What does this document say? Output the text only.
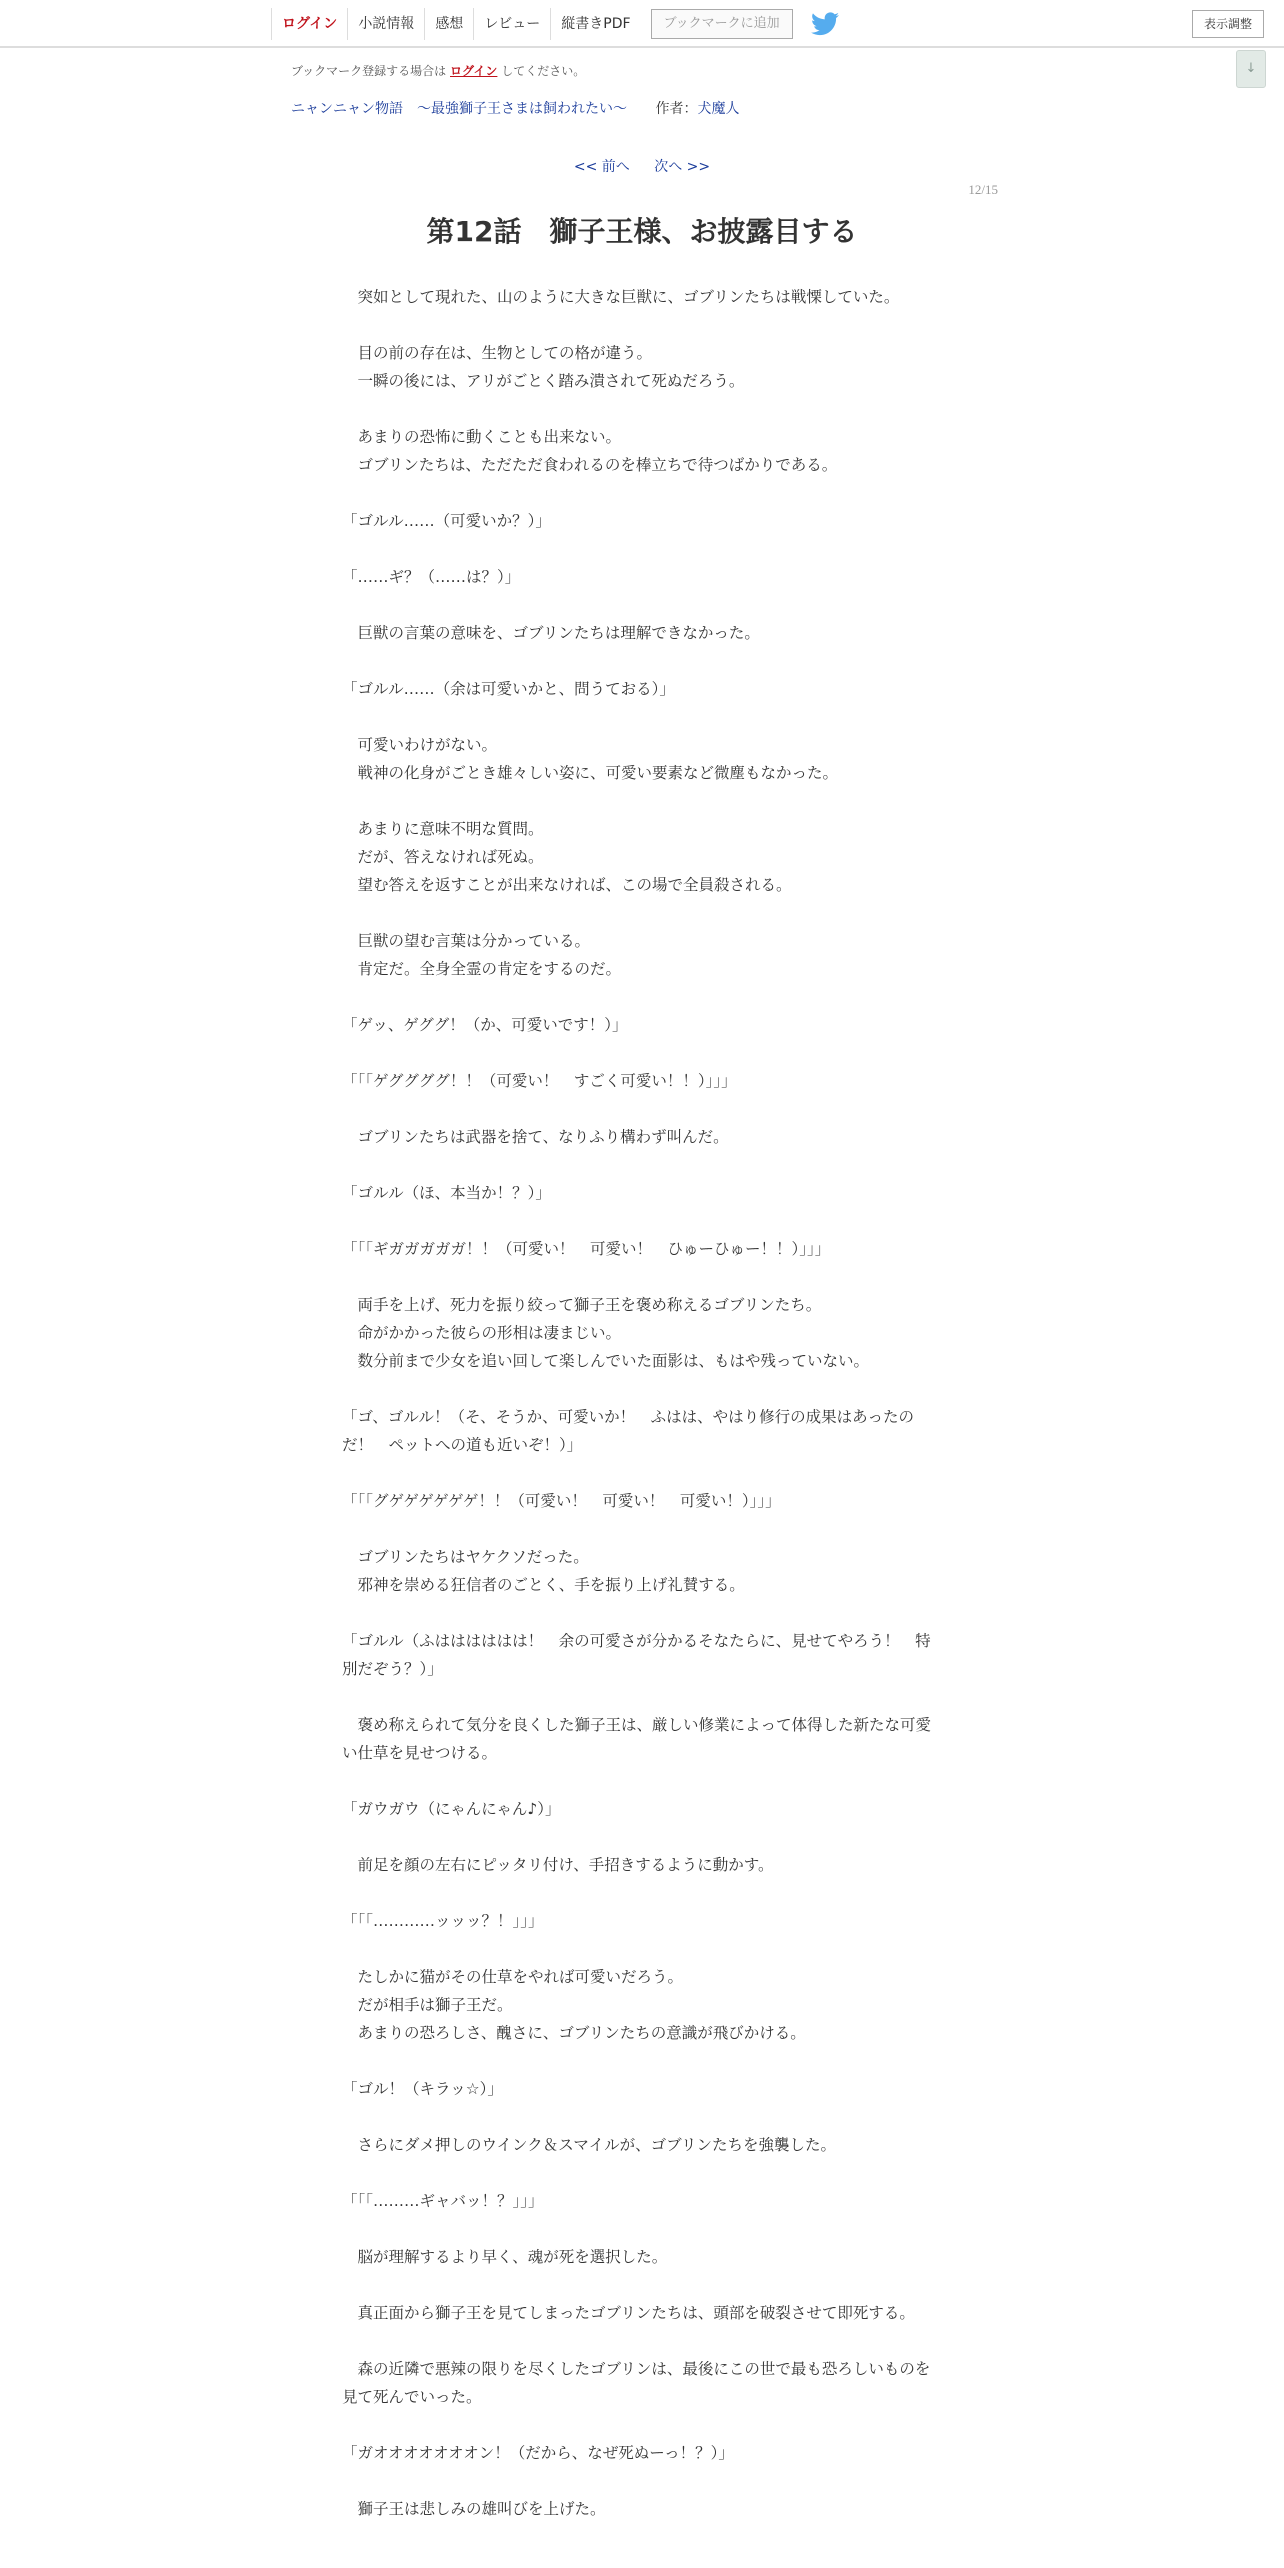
ログイン	小説情報	感想	レビュー	縦書きPDF	ブックマークに追加	表示調整
↓
ブックマーク登録する場合は ログイン してください。
ニャンニャン物語　～最強獅子王さまは飼われたい～ 作者：犬魔人
<< 前へ 次へ >>
12/15
第12話　獅子王様、お披露目する

　突如として現れた、山のように大きな巨獣に、ゴブリンたちは戦慄していた。

　目の前の存在は、生物としての格が違う。

　一瞬の後には、アリがごとく踏み潰されて死ぬだろう。

　あまりの恐怖に動くことも出来ない。

　ゴブリンたちは、ただただ食われるのを棒立ちで待つばかりである。

「ゴルル……（可愛いか？）」

「……ギ？（……は？）」

　巨獣の言葉の意味を、ゴブリンたちは理解できなかった。

「ゴルル……（余は可愛いかと、問うておる）」

　可愛いわけがない。

　戦神の化身がごとき雄々しい姿に、可愛い要素など微塵もなかった。

　あまりに意味不明な質問。

　だが、答えなければ死ぬ。

　望む答えを返すことが出来なければ、この場で全員殺される。

　巨獣の望む言葉は分かっている。

　肯定だ。全身全霊の肯定をするのだ。

「ゲッ、ゲググ！（か、可愛いです！）」

「「「ゲググググ！！（可愛い！　すごく可愛い！！）」」」

　ゴブリンたちは武器を捨て、なりふり構わず叫んだ。

「ゴルル（ほ、本当か！？）」

「「「ギガガガガガ！！（可愛い！　可愛い！　ひゅーひゅー！！）」」」

　両手を上げ、死力を振り絞って獅子王を褒め称えるゴブリンたち。

　命がかかった彼らの形相は凄まじい。

　数分前まで少女を追い回して楽しんでいた面影は、もはや残っていない。

「ゴ、ゴルル！（そ、そうか、可愛いか！　ふはは、やはり修行の成果はあったのだ！　ペットへの道も近いぞ！）」

「「「グゲゲゲゲゲゲ！！（可愛い！　可愛い！　可愛い！）」」」

　ゴブリンたちはヤケクソだった。

　邪神を崇める狂信者のごとく、手を振り上げ礼賛する。

「ゴルル（ふはははははは！　余の可愛さが分かるそなたらに、見せてやろう！　特別だぞう？）」

　褒め称えられて気分を良くした獅子王は、厳しい修業によって体得した新たな可愛い仕草を見せつける。

「ガウガウ（にゃんにゃん♪）」

　前足を顔の左右にピッタリ付け、手招きするように動かす。

「「「…………ッッッ？！」」」

　たしかに猫がその仕草をやれば可愛いだろう。

　だが相手は獅子王だ。

　あまりの恐ろしさ、醜さに、ゴブリンたちの意識が飛びかける。

「ゴル！（キラッ☆）」

　さらにダメ押しのウインク＆スマイルが、ゴブリンたちを強襲した。

「「「………ギャバッ！？」」」

　脳が理解するより早く、魂が死を選択した。

　真正面から獅子王を見てしまったゴブリンたちは、頭部を破裂させて即死する。

　森の近隣で悪辣の限りを尽くしたゴブリンは、最後にこの世で最も恐ろしいものを見て死んでいった。

「ガオオオオオオオン！（だから、なぜ死ぬーっ！？）」

　獅子王は悲しみの雄叫びを上げた。
